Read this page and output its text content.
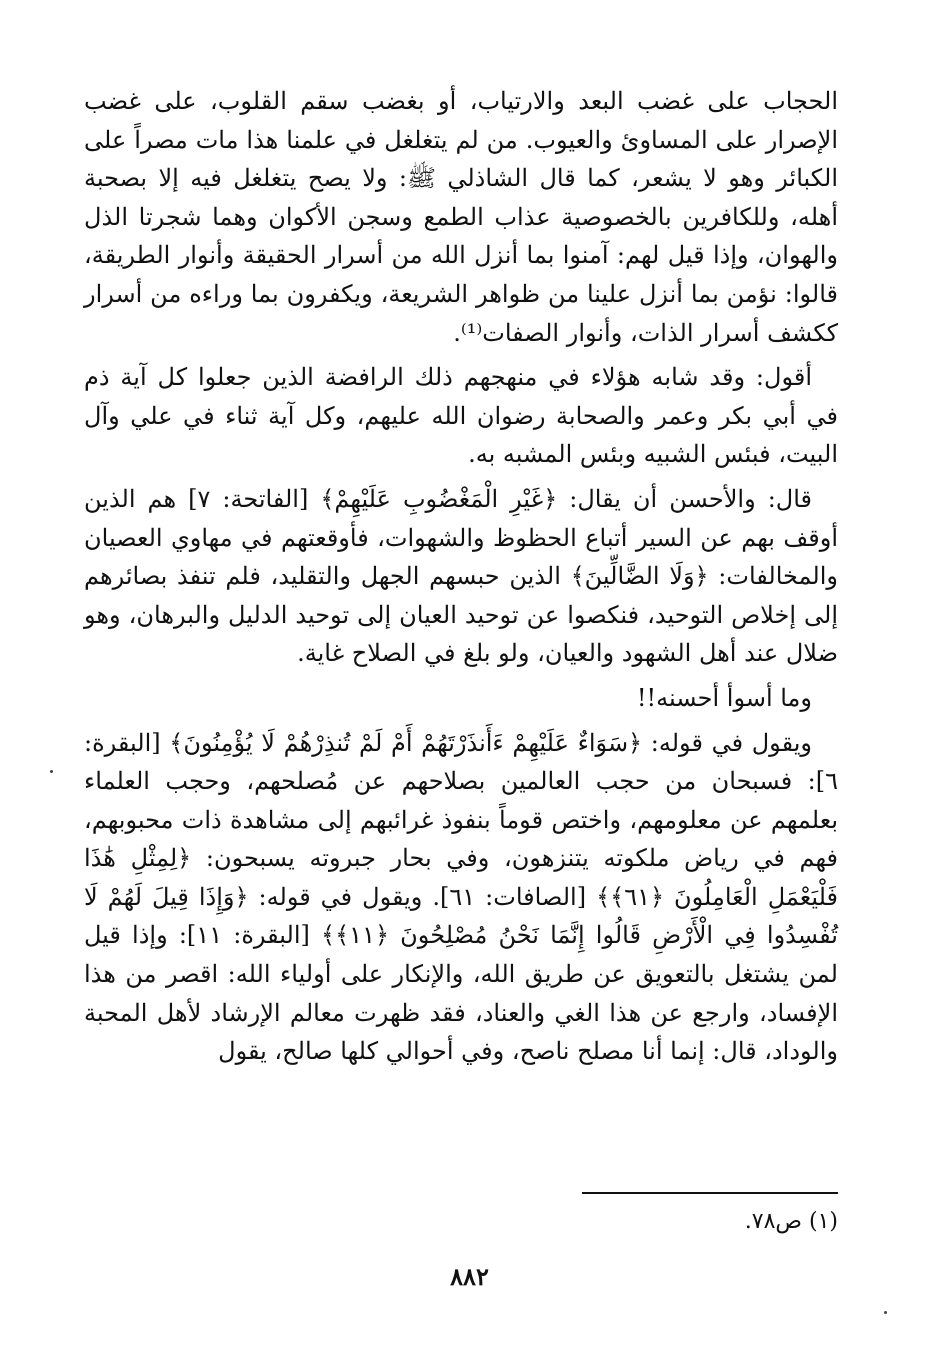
الحجاب على غضب البعد والارتياب، أو بغضب سقم القلوب، على غضب الإصرار على المساوئ والعيوب. من لم يتغلغل في علمنا هذا مات مصراً على الكبائر وهو لا يشعر، كما قال الشاذلي ﷺ: ولا يصح يتغلغل فيه إلا بصحبة أهله، وللكافرين بالخصوصية عذاب الطمع وسجن الأكوان وهما شجرتا الذل والهوان، وإذا قيل لهم: آمنوا بما أنزل الله من أسرار الحقيقة وأنوار الطريقة، قالوا: نؤمن بما أنزل علينا من ظواهر الشريعة، ويكفرون بما وراءه من أسرار ككشف أسرار الذات، وأنوار الصفات⁽¹⁾.

أقول: وقد شابه هؤلاء في منهجهم ذلك الرافضة الذين جعلوا كل آية ذم في أبي بكر وعمر والصحابة رضوان الله عليهم، وكل آية ثناء في علي وآل البيت، فبئس الشبيه وبئس المشبه به.

قال: والأحسن أن يقال: ﴿غَيْرِ الْمَغْضُوبِ عَلَيْهِمْ﴾ [الفاتحة: ٧] هم الذين أوقف بهم عن السير أتباع الحظوظ والشهوات، فأوقعتهم في مهاوي العصيان والمخالفات: ﴿وَلَا الضَّالِّينَ﴾ الذين حبسهم الجهل والتقليد، فلم تنفذ بصائرهم إلى إخلاص التوحيد، فنكصوا عن توحيد العيان إلى توحيد الدليل والبرهان، وهو ضلال عند أهل الشهود والعيان، ولو بلغ في الصلاح غاية.

وما أسوأ أحسنه!!

ويقول في قوله: ﴿سَوَاءٌ عَلَيْهِمْ ءَأَنذَرْتَهُمْ أَمْ لَمْ تُنذِرْهُمْ لَا يُؤْمِنُونَ﴾ [البقرة: ٦]: فسبحان من حجب العالمين بصلاحهم عن مُصلحهم، وحجب العلماء بعلمهم عن معلومهم، واختص قوماً بنفوذ غرائبهم إلى مشاهدة ذات محبوبهم، فهم في رياض ملكوته يتنزهون، وفي بحار جبروته يسبحون: ﴿لِمِثْلِ هَٰذَا فَلْيَعْمَلِ الْعَامِلُونَ ﴿٦١﴾﴾ [الصافات: ٦١]. ويقول في قوله: ﴿وَإِذَا قِيلَ لَهُمْ لَا تُفْسِدُوا فِي الْأَرْضِ قَالُوا إِنَّمَا نَحْنُ مُصْلِحُونَ ﴿١١﴾﴾ [البقرة: ١١]: وإذا قيل لمن يشتغل بالتعويق عن طريق الله، والإنكار على أولياء الله: اقصر من هذا الإفساد، وارجع عن هذا الغي والعناد، فقد ظهرت معالم الإرشاد لأهل المحبة والوداد، قال: إنما أنا مصلح ناصح، وفي أحوالي كلها صالح، يقول

(١) ص٧٨.
٨٨٢
